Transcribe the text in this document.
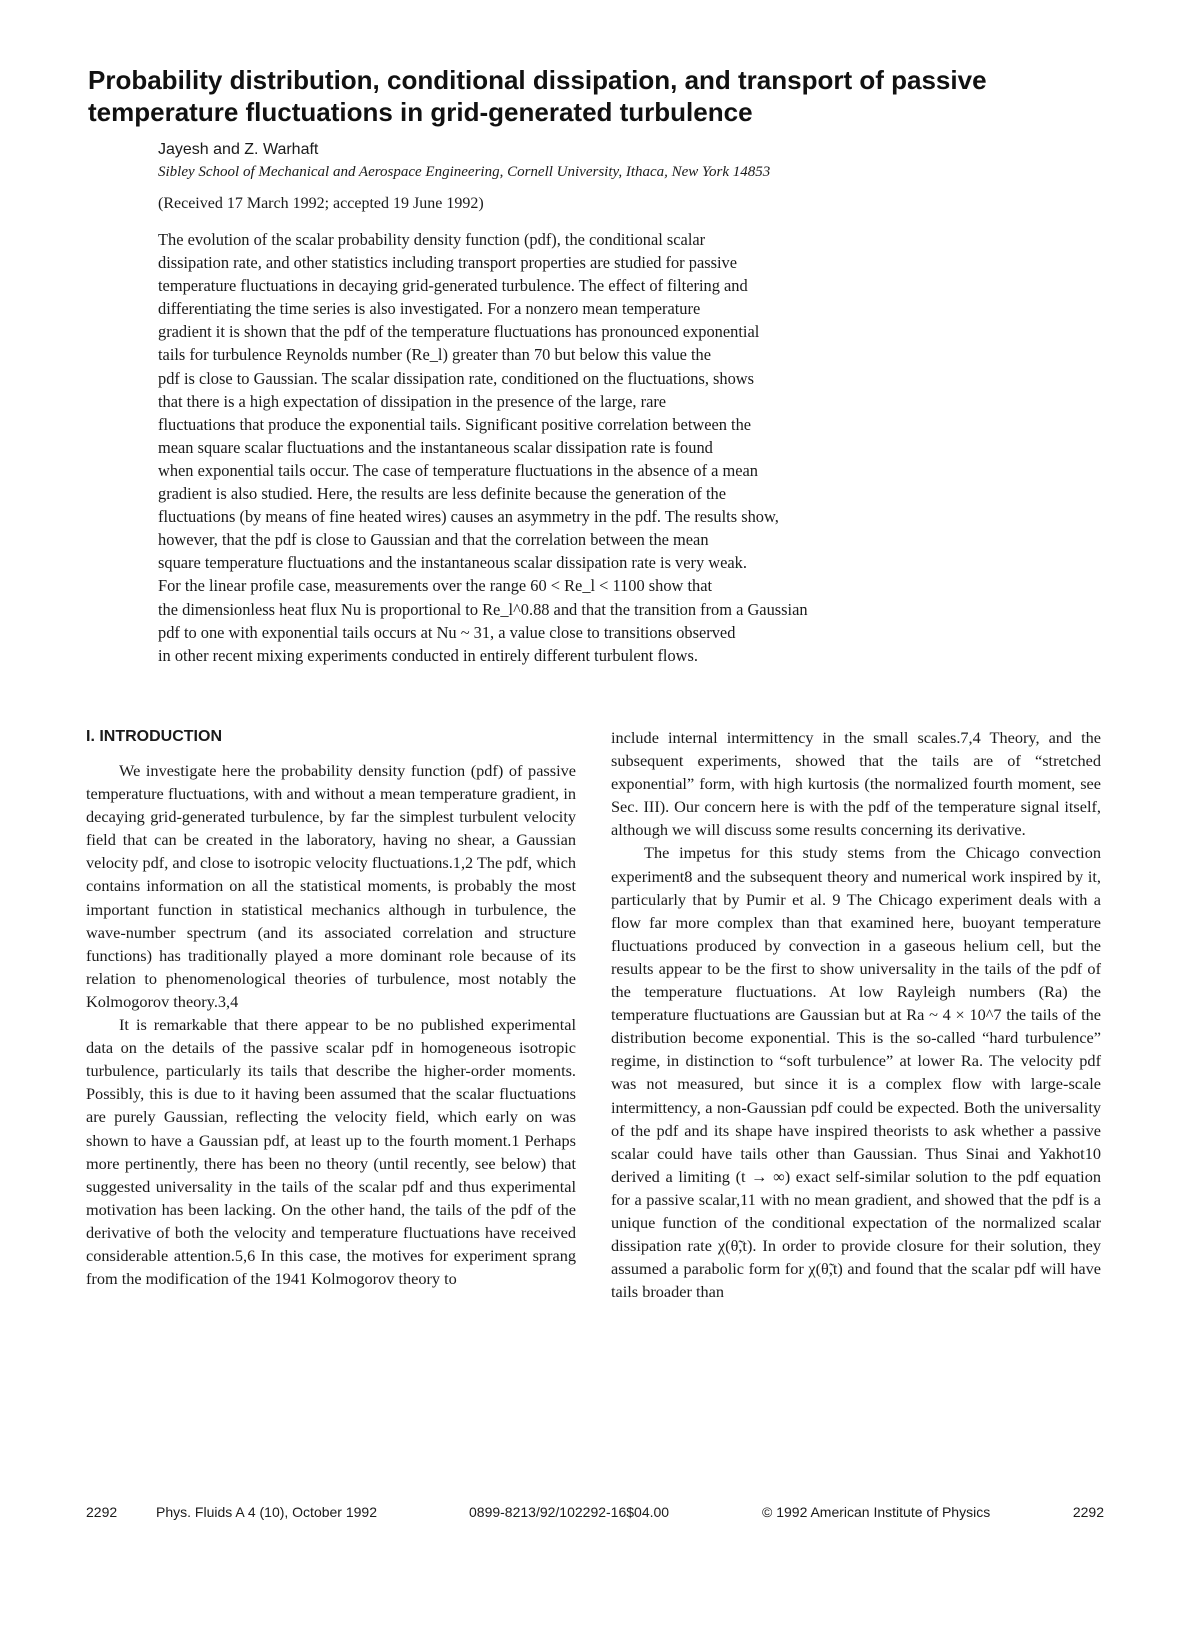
Probability distribution, conditional dissipation, and transport of passive temperature fluctuations in grid-generated turbulence

Jayesh and Z. Warhaft

Sibley School of Mechanical and Aerospace Engineering, Cornell University, Ithaca, New York 14853

(Received 17 March 1992; accepted 19 June 1992)

The evolution of the scalar probability density function (pdf), the conditional scalar
dissipation rate, and other statistics including transport properties are studied for passive
temperature fluctuations in decaying grid-generated turbulence. The effect of filtering and
differentiating the time series is also investigated. For a nonzero mean temperature
gradient it is shown that the pdf of the temperature fluctuations has pronounced exponential
tails for turbulence Reynolds number (Re_l) greater than 70 but below this value the
pdf is close to Gaussian. The scalar dissipation rate, conditioned on the fluctuations, shows
that there is a high expectation of dissipation in the presence of the large, rare
fluctuations that produce the exponential tails. Significant positive correlation between the
mean square scalar fluctuations and the instantaneous scalar dissipation rate is found
when exponential tails occur. The case of temperature fluctuations in the absence of a mean
gradient is also studied. Here, the results are less definite because the generation of the
fluctuations (by means of fine heated wires) causes an asymmetry in the pdf. The results show,
however, that the pdf is close to Gaussian and that the correlation between the mean
square temperature fluctuations and the instantaneous scalar dissipation rate is very weak.
For the linear profile case, measurements over the range 60 < Re_l < 1100 show that
the dimensionless heat flux Nu is proportional to Re_l^0.88 and that the transition from a Gaussian
pdf to one with exponential tails occurs at Nu ~ 31, a value close to transitions observed
in other recent mixing experiments conducted in entirely different turbulent flows.
I. INTRODUCTION

We investigate here the probability density function (pdf) of passive temperature fluctuations, with and without a mean temperature gradient, in decaying grid-generated turbulence, by far the simplest turbulent velocity field that can be created in the laboratory, having no shear, a Gaussian velocity pdf, and close to isotropic velocity fluctuations.1,2 The pdf, which contains information on all the statistical moments, is probably the most important function in statistical mechanics although in turbulence, the wave-number spectrum (and its associated correlation and structure functions) has traditionally played a more dominant role because of its relation to phenomenological theories of turbulence, most notably the Kolmogorov theory.3,4

It is remarkable that there appear to be no published experimental data on the details of the passive scalar pdf in homogeneous isotropic turbulence, particularly its tails that describe the higher-order moments. Possibly, this is due to it having been assumed that the scalar fluctuations are purely Gaussian, reflecting the velocity field, which early on was shown to have a Gaussian pdf, at least up to the fourth moment.1 Perhaps more pertinently, there has been no theory (until recently, see below) that suggested universality in the tails of the scalar pdf and thus experimental motivation has been lacking. On the other hand, the tails of the pdf of the derivative of both the velocity and temperature fluctuations have received considerable attention.5,6 In this case, the motives for experiment sprang from the modification of the 1941 Kolmogorov theory to

include internal intermittency in the small scales.7,4 Theory, and the subsequent experiments, showed that the tails are of “stretched exponential” form, with high kurtosis (the normalized fourth moment, see Sec. III). Our concern here is with the pdf of the temperature signal itself, although we will discuss some results concerning its derivative.

The impetus for this study stems from the Chicago convection experiment8 and the subsequent theory and numerical work inspired by it, particularly that by Pumir et al. 9 The Chicago experiment deals with a flow far more complex than that examined here, buoyant temperature fluctuations produced by convection in a gaseous helium cell, but the results appear to be the first to show universality in the tails of the pdf of the temperature fluctuations. At low Rayleigh numbers (Ra) the temperature fluctuations are Gaussian but at Ra ~ 4 × 10^7 the tails of the distribution become exponential. This is the so-called “hard turbulence” regime, in distinction to “soft turbulence” at lower Ra. The velocity pdf was not measured, but since it is a complex flow with large-scale intermittency, a non-Gaussian pdf could be expected. Both the universality of the pdf and its shape have inspired theorists to ask whether a passive scalar could have tails other than Gaussian. Thus Sinai and Yakhot10 derived a limiting (t → ∞) exact self-similar solution to the pdf equation for a passive scalar,11 with no mean gradient, and showed that the pdf is a unique function of the conditional expectation of the normalized scalar dissipation rate χ(θ̃,t). In order to provide closure for their solution, they assumed a parabolic form for χ(θ̃,t) and found that the scalar pdf will have tails broader than

2292	Phys. Fluids A 4 (10), October 1992	0899-8213/92/102292-16$04.00	© 1992 American Institute of Physics	2292
